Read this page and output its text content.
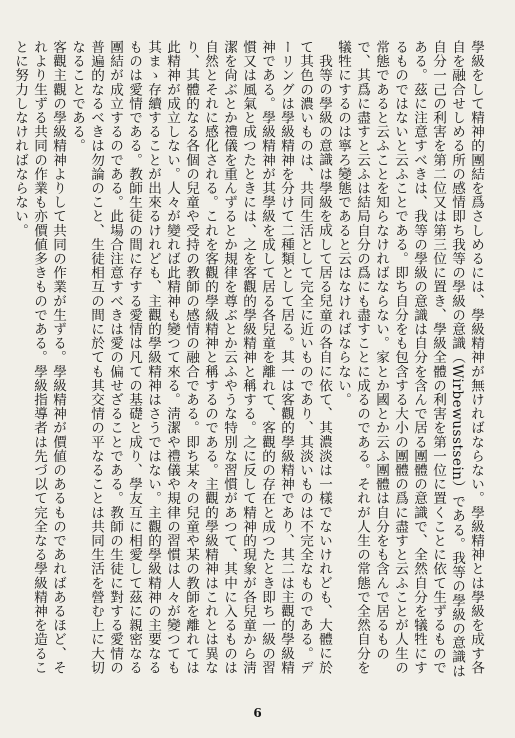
學級をして精神的團結を爲さしめるには、學級精神が無ければならない。學級精神とは學級を成す各自を融合せしめる所の感情即ち我等の學級の意識（Wirbewusstsein）である。我等の學級の意識は自分一己の利害を第二位又は第三位に置き、學級全體の利害を第一位に置くことに依て生ずるものである。茲に注意すべきは、我等の學級の意識は自分を含んで居る團體の意識で、全然自分を犠牲にするものではないと云ふことである。即ち自分をも包含する大小の團體の爲に盡すと云ふことが人生の常態であると云ふことを知らなければならない。家とか國とか云ふ團體は自分をも含んで居るもので、其爲に盡すと云ふは結局自分の爲にも盡すことに成るのである。それが人生の常態で全然自分を犠牲にするのは寧ろ變態であると云はなければならない。

我等の學級の意識は學級を成して居る兒童の各自に依て、其濃淡は一樣でないけれども、大體に於て其色の濃いものは、共同生活として完全に近いものであり、其淡いものは不完全なものである。デーリングは學級精神を分けて二種類として居る。其一は客觀的學級精神であり、其二は主觀的學級精神である。學級精神が其學級を成して居る各兒童を離れて、客觀的の存在と成つたとき即ち一級の習慣又は風氣と成つたときには、之を客觀的學級精神と稱する。之に反して精神的現象が各兒童から淸潔を尙ぶとか禮儀を重んずるとか規律を尊ぶとか云ふやうな特別な習慣があつて、其中に入るものは自然とそれに感化される。これを客觀的學級精神と稱するのである。主觀的學級精神はこれとは異なり、其體的なる各個の兒童や受持の教師の感情の融合である。即ち某々の兒童や某の教師を離れては此精神が成立しない。人々が變れば此精神も變つて來る。淸潔や禮儀や規律の習慣は人々が變つても其まゝ存續することが出來るけれども、主觀的學級精神はさうではない。主觀的學級精神の主要なるものは愛情である。教師生徒の間に存する愛情は凡ての基礎と成り、學友互に相愛して茲に親密なる團結が成立するのである。此場合注意すべきは愛の偏せざることである。教師の生徒に對する愛情の普遍的なるべきは勿論のこと、生徒相互の間に於ても其交情の平なることは共同生活を營む上に大切なることである。

客觀主觀の學級精神よりして共同の作業が生ずる。學級精神が價値のあるものであればあるほど、それより生ずる共同の作業も亦價値多きものである。學級指導者は先づ以て完全なる學級精神を造ることに努力しなければならない。

6
